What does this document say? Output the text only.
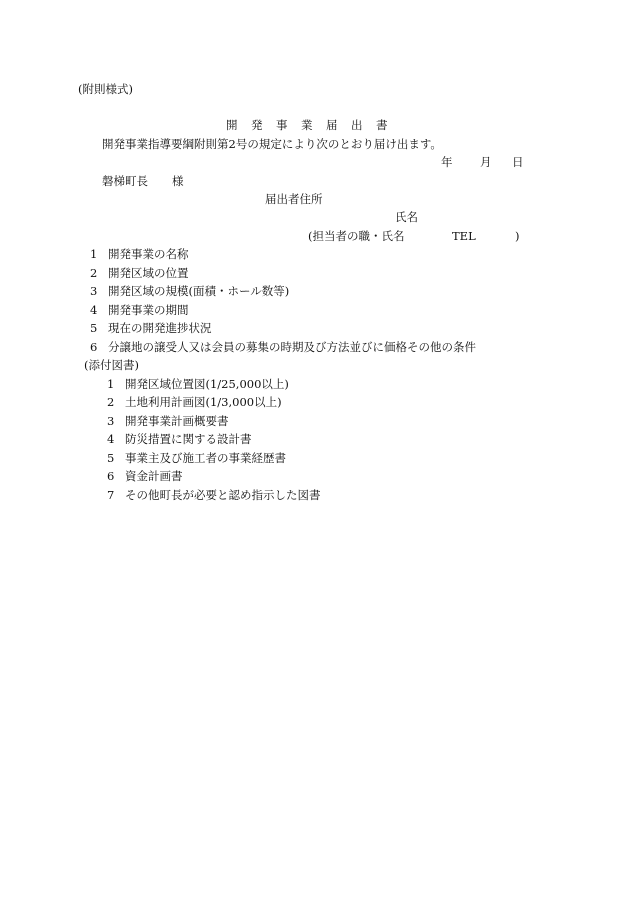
(附則様式)
開　発　事　業　届　出　書
開発事業指導要綱附則第2号の規定により次のとおり届け出ます。
年 月 日
磐梯町長 様
届出者住所
氏名
(担当者の職・氏名	TEL	)
1 開発事業の名称
2 開発区域の位置
3 開発区域の規模(面積・ホール数等)
4 開発事業の期間
5 現在の開発進捗状況
6 分譲地の譲受人又は会員の募集の時期及び方法並びに価格その他の条件
(添付図書)
1 開発区域位置図(1/25,000以上)
2 土地利用計画図(1/3,000以上)
3 開発事業計画概要書
4 防災措置に関する設計書
5 事業主及び施工者の事業経歴書
6 資金計画書
7 その他町長が必要と認め指示した図書
